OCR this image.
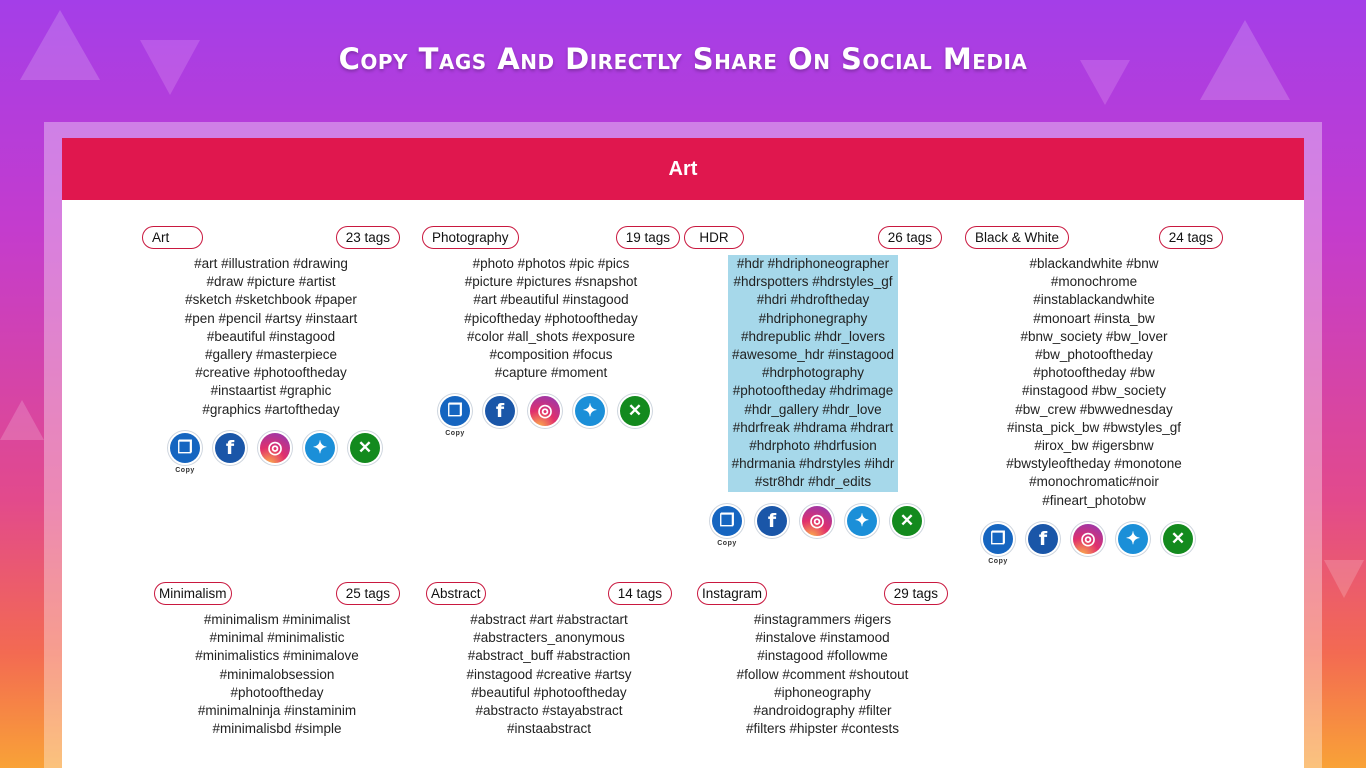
Copy Tags And Directly Share On Social Media
Art
Art	23 tags
#art #illustration #drawing
#draw #picture #artist
#sketch #sketchbook #paper
#pen #pencil #artsy #instaart
#beautiful #instagood
#gallery #masterpiece
#creative #photooftheday
#instaartist #graphic
#graphics #artoftheday
❐
Copy
f	◎	✦	✕
Photography	19 tags
#photo #photos #pic #pics
#picture #pictures #snapshot
#art #beautiful #instagood
#picoftheday #photooftheday
#color #all_shots #exposure
#composition #focus
#capture #moment
❐
Copy
f	◎	✦	✕
HDR	26 tags
#hdr #hdriphoneographer
#hdrspotters #hdrstyles_gf
#hdri #hdroftheday
#hdriphonegraphy
#hdrepublic #hdr_lovers
#awesome_hdr #instagood
#hdrphotography
#photooftheday #hdrimage
#hdr_gallery #hdr_love
#hdrfreak #hdrama #hdrart
#hdrphoto #hdrfusion
#hdrmania #hdrstyles #ihdr
#str8hdr #hdr_edits
❐
Copy
f	◎	✦	✕
Black & White	24 tags
#blackandwhite #bnw
#monochrome
#instablackandwhite
#monoart #insta_bw
#bnw_society #bw_lover
#bw_photooftheday
#photooftheday #bw
#instagood #bw_society
#bw_crew #bwwednesday
#insta_pick_bw #bwstyles_gf
#irox_bw #igersbnw
#bwstyleoftheday #monotone
#monochromatic#noir
#fineart_photobw
❐
Copy
f	◎	✦	✕
Minimalism	25 tags
#minimalism #minimalist
#minimal #minimalistic
#minimalistics #minimalove
#minimalobsession
#photooftheday
#minimalninja #instaminim
#minimalisbd #simple
Abstract	14 tags
#abstract #art #abstractart
#abstracters_anonymous
#abstract_buff #abstraction
#instagood #creative #artsy
#beautiful #photooftheday
#abstracto #stayabstract
#instaabstract
Instagram	29 tags
#instagrammers #igers
#instalove #instamood
#instagood #followme
#follow #comment #shoutout
#iphoneography
#androidography #filter
#filters #hipster #contests
